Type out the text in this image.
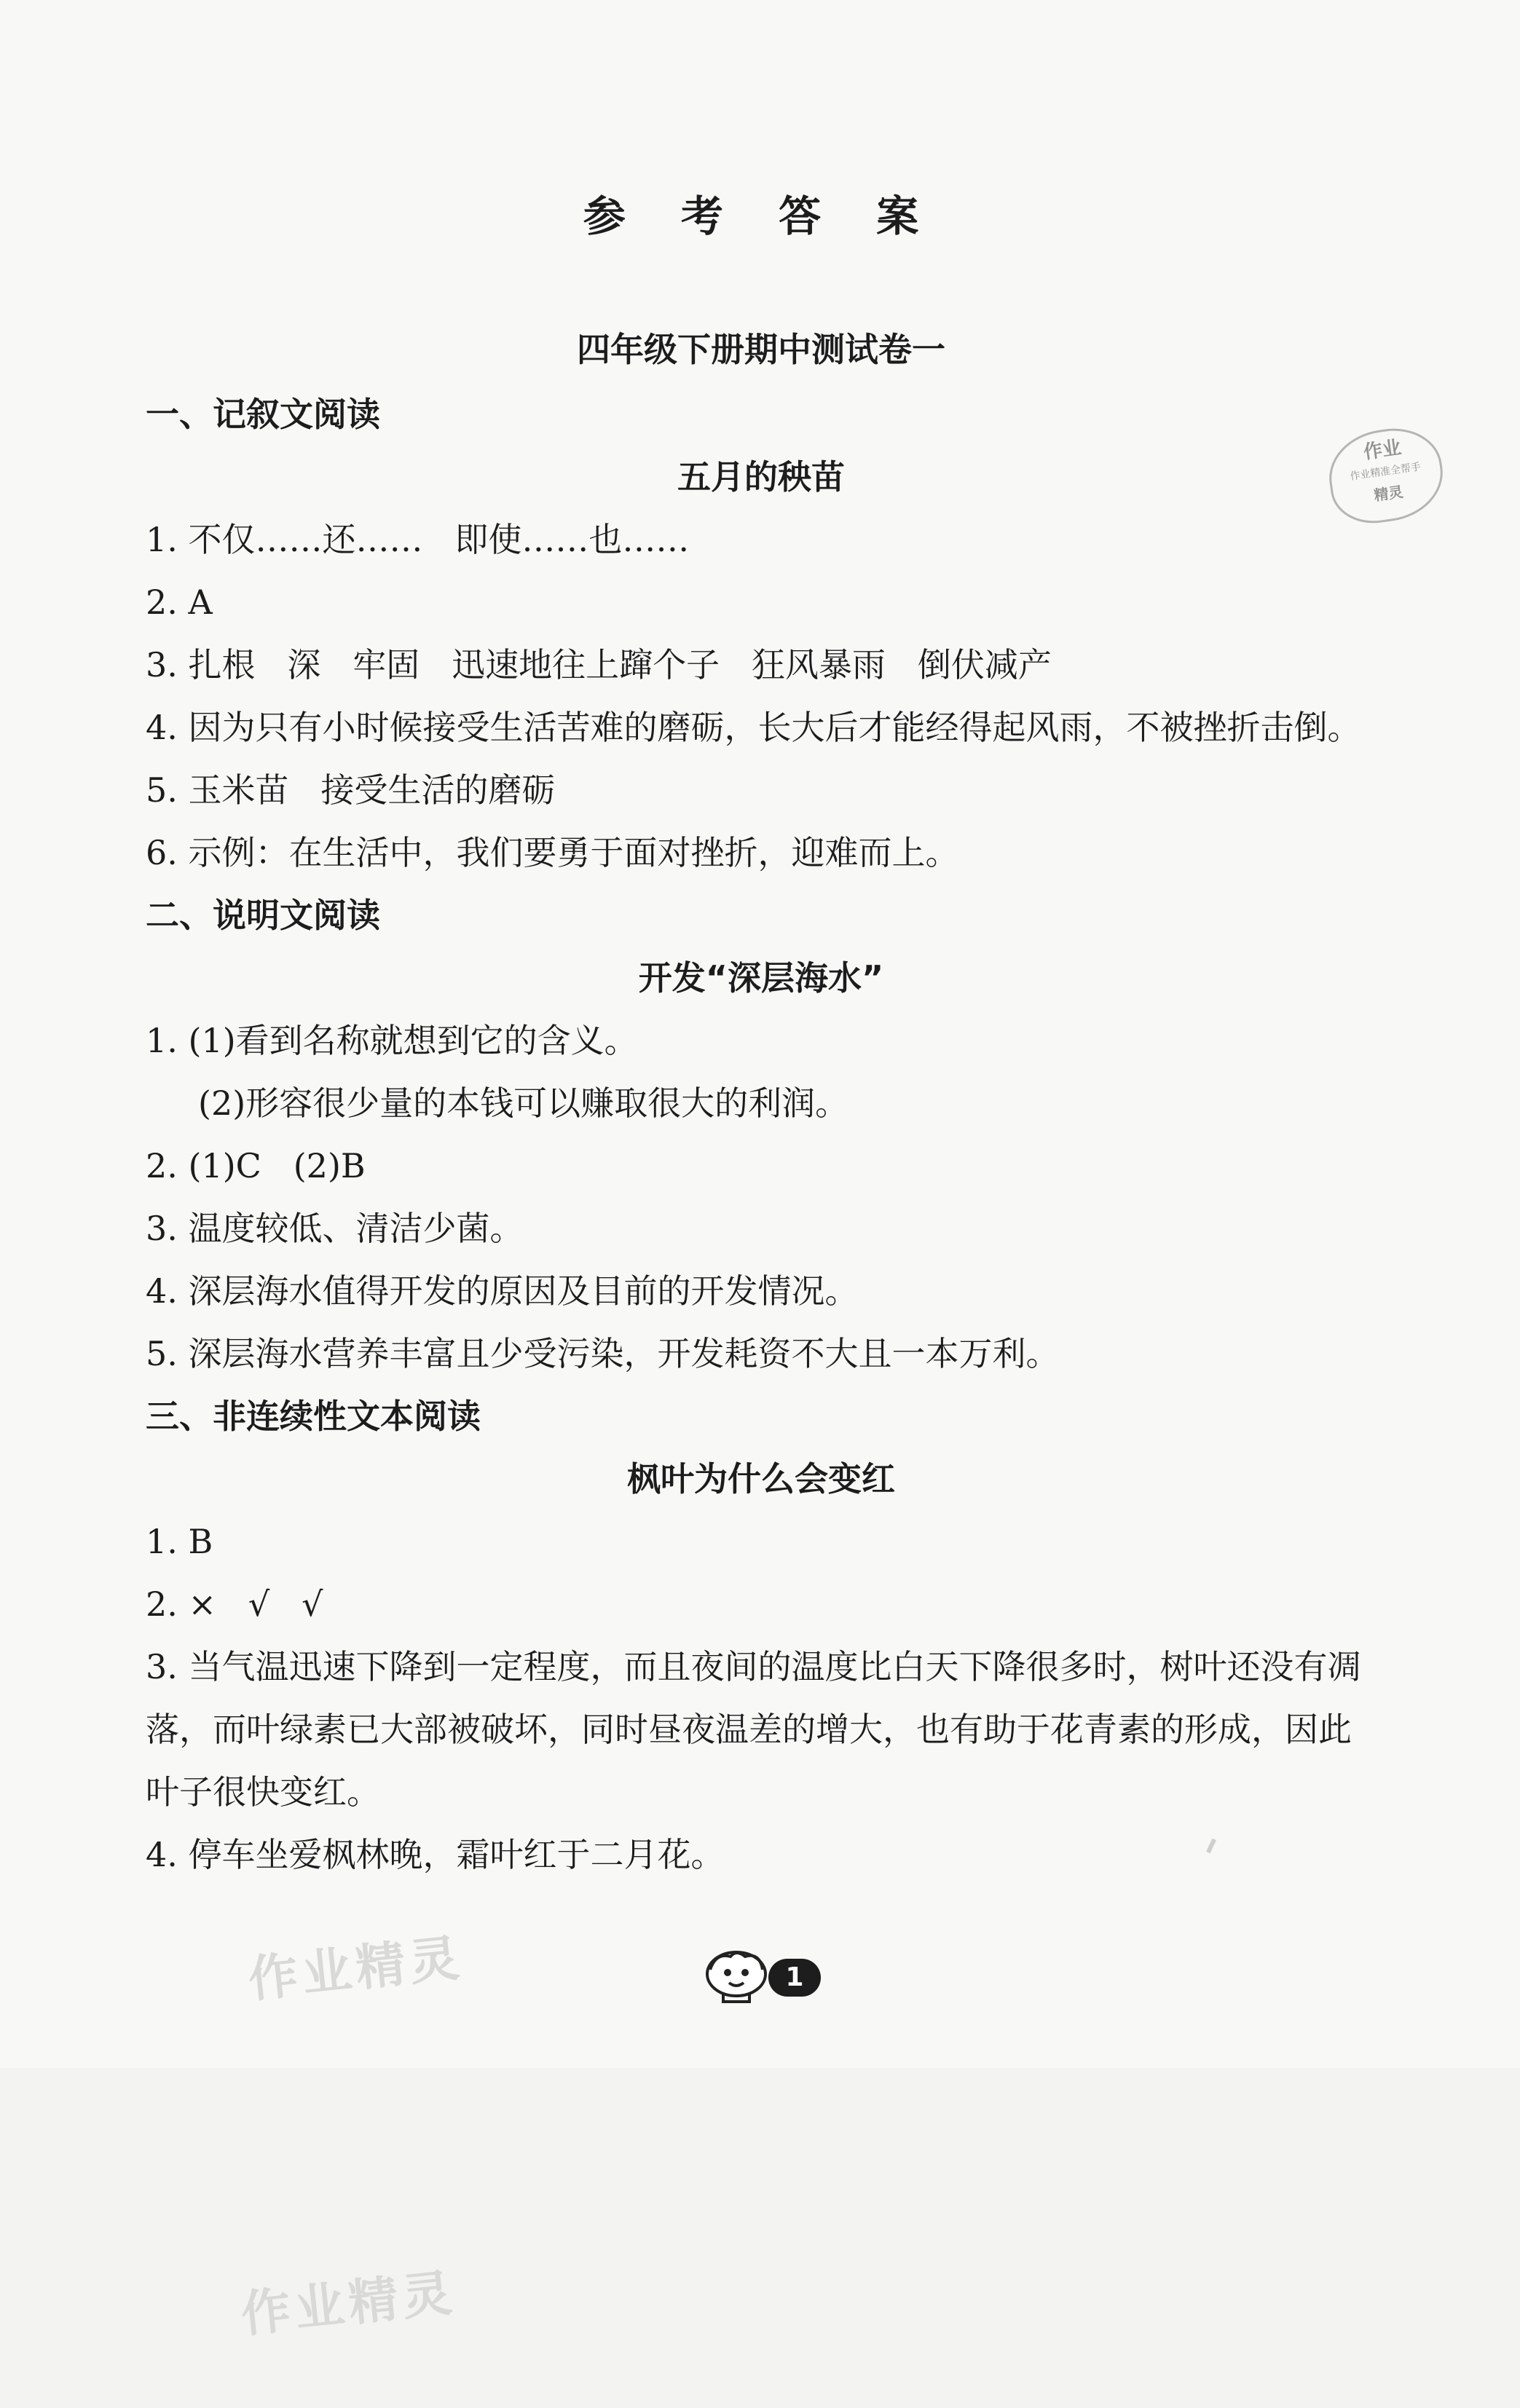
参 考 答 案
四年级下册期中测试卷一
一、记叙文阅读
五月的秧苗

1. 不仅……还……   即使……也……

2. A

3. 扎根   深   牢固   迅速地往上蹿个子   狂风暴雨   倒伏减产

4. 因为只有小时候接受生活苦难的磨砺，长大后才能经得起风雨，不被挫折击倒。

5. 玉米苗   接受生活的磨砺

6. 示例：在生活中，我们要勇于面对挫折，迎难而上。

二、说明文阅读
开发“深层海水”

1. (1)看到名称就想到它的含义。

(2)形容很少量的本钱可以赚取很大的利润。

2. (1)C   (2)B

3. 温度较低、清洁少菌。

4. 深层海水值得开发的原因及目前的开发情况。

5. 深层海水营养丰富且少受污染，开发耗资不大且一本万利。

三、非连续性文本阅读
枫叶为什么会变红

1. B

2. ×   √   √

3. 当气温迅速下降到一定程度，而且夜间的温度比白天下降很多时，树叶还没有凋落，而叶绿素已大部被破坏，同时昼夜温差的增大，也有助于花青素的形成，因此叶子很快变红。

4. 停车坐爱枫林晚，霜叶红于二月花。

作业
作业精准全帮手
精灵
作业精灵	1
作业精灵
